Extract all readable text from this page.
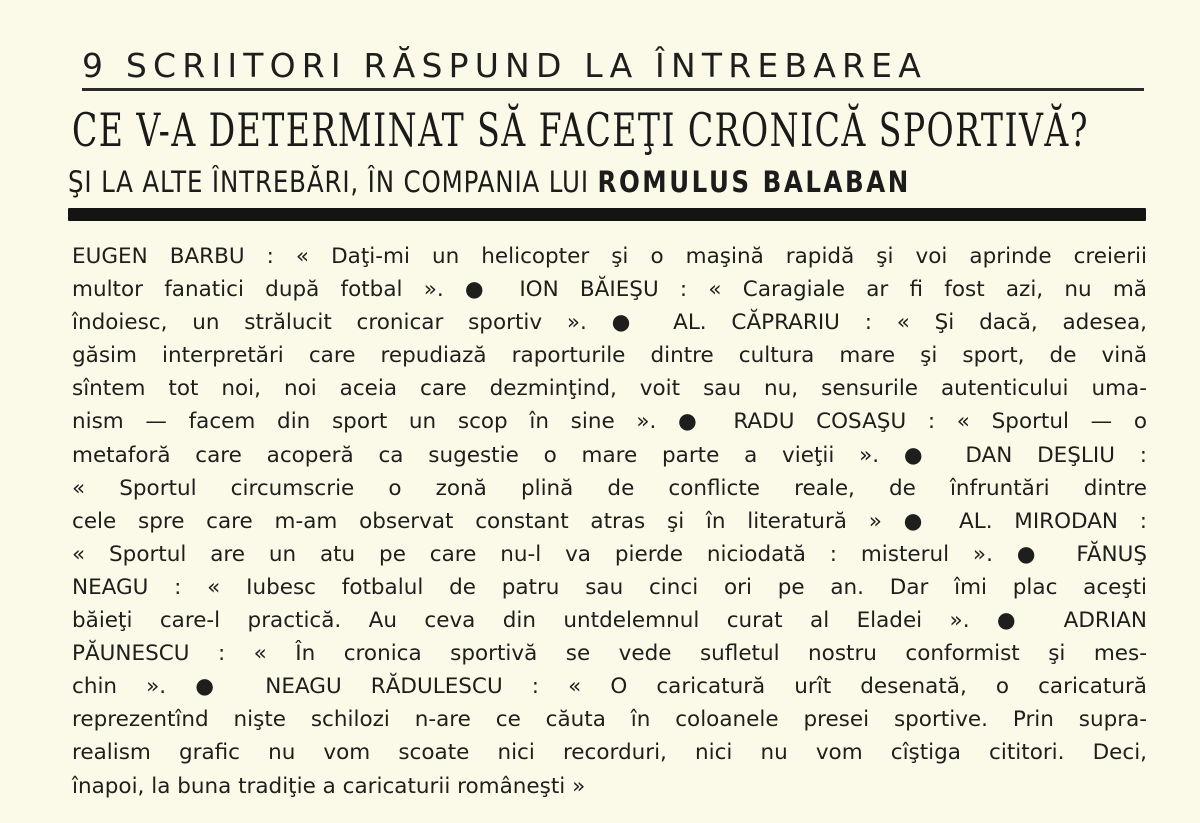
9 SCRIITORI RĂSPUND LA ÎNTREBAREA
CE V-A DETERMINAT SĂ FACEŢI CRONICĂ SPORTIVĂ?
ŞI LA ALTE ÎNTREBĂRI, ÎN COMPANIA LUI ROMULUS BALABAN
EUGEN BARBU : « Daţi-mi un helicopter şi o maşină rapidă şi voi aprinde creierii
multor fanatici după fotbal ». ● ION BĂIEŞU : « Caragiale ar fi fost azi, nu mă
îndoiesc, un strălucit cronicar sportiv ». ● AL. CĂPRARIU : « Şi dacă, adesea,
găsim interpretări care repudiază raporturile dintre cultura mare şi sport, de vină
sîntem tot noi, noi aceia care dezminţind, voit sau nu, sensurile autenticului uma-
nism — facem din sport un scop în sine ». ● RADU COSAŞU : « Sportul — o
metaforă care acoperă ca sugestie o mare parte a vieţii ». ● DAN DEŞLIU :
« Sportul circumscrie o zonă plină de conflicte reale, de înfruntări dintre
cele spre care m-am observat constant atras şi în literatură » ● AL. MIRODAN :
« Sportul are un atu pe care nu-l va pierde niciodată : misterul ». ● FĂNUŞ
NEAGU : « Iubesc fotbalul de patru sau cinci ori pe an. Dar îmi plac aceşti
băieţi care-l practică. Au ceva din untdelemnul curat al Eladei ». ● ADRIAN
PĂUNESCU : « În cronica sportivă se vede sufletul nostru conformist şi mes-
chin ». ● NEAGU RĂDULESCU : « O caricatură urît desenată, o caricatură
reprezentînd nişte schilozi n-are ce căuta în coloanele presei sportive. Prin supra-
realism grafic nu vom scoate nici recorduri, nici nu vom cîştiga cititori. Deci,
înapoi, la buna tradiţie a caricaturii româneşti »
